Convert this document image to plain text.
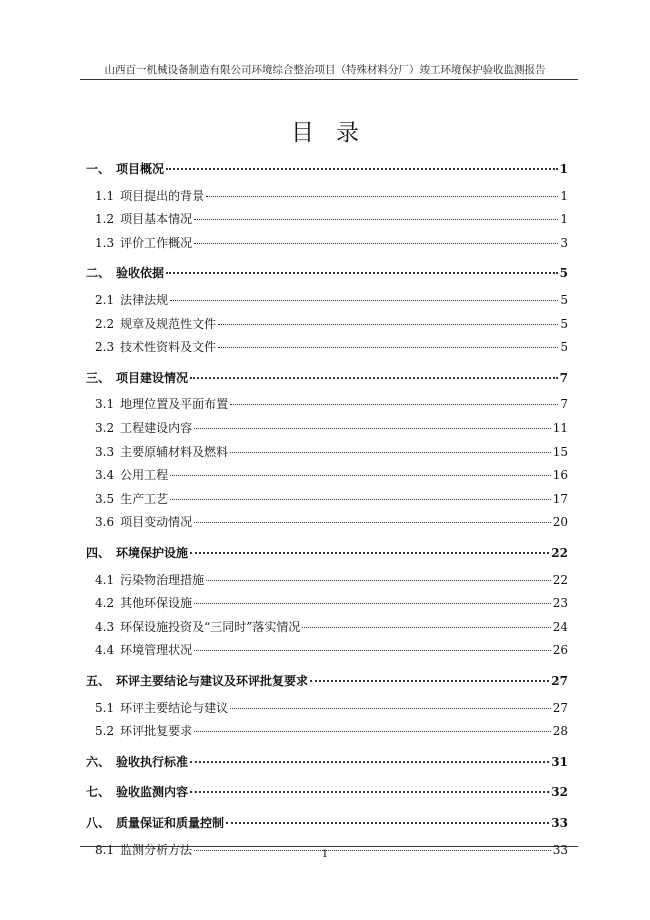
山西百一机械设备制造有限公司环境综合整治项目（特殊材料分厂）竣工环境保护验收监测报告
目录
一、 项目概况	1
1.1 项目提出的背景	1
1.2 项目基本情况	1
1.3 评价工作概况	3
二、 验收依据	5
2.1 法律法规	5
2.2 规章及规范性文件	5
2.3 技术性资料及文件	5
三、 项目建设情况	7
3.1 地理位置及平面布置	7
3.2 工程建设内容	11
3.3 主要原辅材料及燃料	15
3.4 公用工程	16
3.5 生产工艺	17
3.6 项目变动情况	20
四、 环境保护设施	22
4.1 污染物治理措施	22
4.2 其他环保设施	23
4.3 环保设施投资及“三同时”落实情况	24
4.4 环境管理状况	26
五、 环评主要结论与建议及环评批复要求	27
5.1 环评主要结论与建议	27
5.2 环评批复要求	28
六、 验收执行标准	31
七、 验收监测内容	32
八、 质量保证和质量控制	33
8.1 监测分析方法	33
1
